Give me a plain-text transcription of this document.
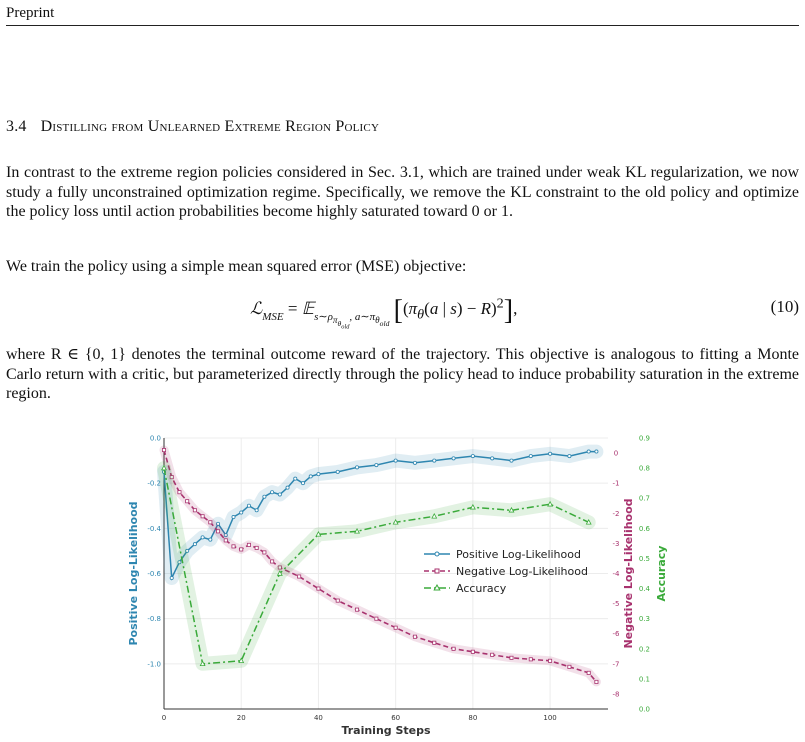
Preprint
3.4 Distilling from Unlearned Extreme Region Policy

In contrast to the extreme region policies considered in Sec. 3.1, which are trained under weak KL regularization, we now study a fully unconstrained optimization regime. Specifically, we remove the KL constraint to the old policy and optimize the policy loss until action probabilities become highly saturated toward 0 or 1.

We train the policy using a simple mean squared error (MSE) objective:

ℒ$_{MSE}$ = 𝔼$_{s\sim\rho_{\pi_{\theta_{old}}}, a\sim\pi_{\theta_{old}}}$ [($\pi_\theta(a$ | s) − R)$^2$],	(10)

where R ∈ {0, 1} denotes the terminal outcome reward of the trajectory. This objective is analogous to fitting a Monte Carlo return with a critic, but parameterized directly through the policy head to induce probability saturation in the extreme region.

0	20	40	60	80	100
0.0
-0.2
-0.4
-0.6
-0.8
-1.0
0
-1
-2
-3
-4
-5
-6
-7
-8
0.9
0.8
0.7
0.6
0.5
0.4
0.3
0.2
0.1
0.0
Training Steps
Positive Log-Likelihood	Negative Log-Likelihood Accuracy
Positive Log-Likelihood
Negative Log-Likelihood
Accuracy
